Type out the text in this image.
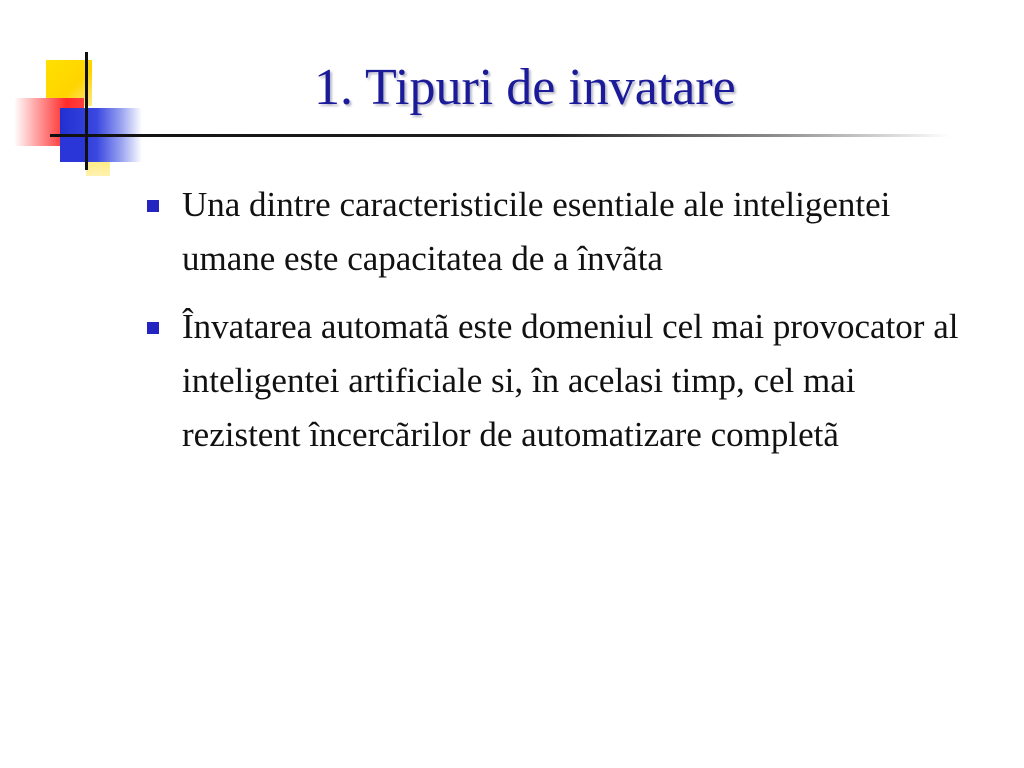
1. Tipuri de invatare
Una dintre caracteristicile esentiale ale inteligentei umane este capacitatea de a învãta
Învatarea automatã este domeniul cel mai provocator al inteligentei artificiale si, în acelasi timp, cel mai rezistent încercãrilor de automatizare completã
